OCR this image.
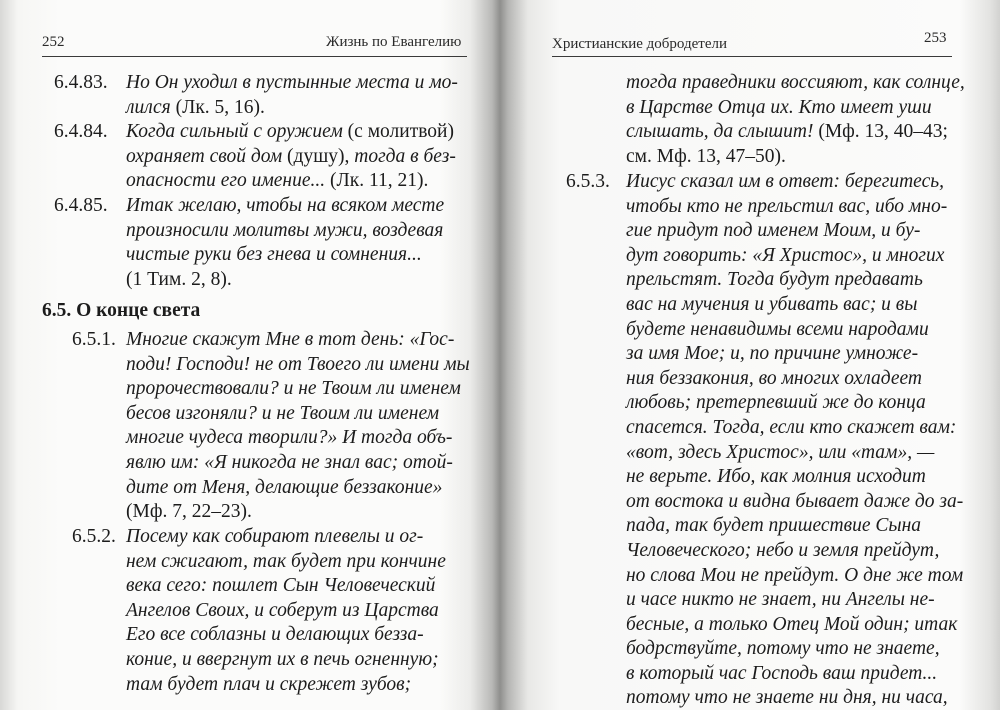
252	Жизнь по Евангелию
6.4.83. Но Он уходил в пустынные места и мо-
лился (Лк. 5, 16).
6.4.84. Когда сильный с оружием (с молитвой)
охраняет свой дом (душу), тогда в без-
опасности его имение... (Лк. 11, 21).
6.4.85. Итак желаю, чтобы на всяком месте
произносили молитвы мужи, воздевая
чистые руки без гнева и сомнения...
(1 Тим. 2, 8).
6.5. О конце света
6.5.1. Многие скажут Мне в тот день: «Гос-
поди! Господи! не от Твоего ли имени мы
пророчествовали? и не Твоим ли именем
бесов изгоняли? и не Твоим ли именем
многие чудеса творили?» И тогда объ-
явлю им: «Я никогда не знал вас; отой-
дите от Меня, делающие беззаконие»
(Мф. 7, 22–23).
6.5.2. Посему как собирают плевелы и ог-
нем сжигают, так будет при кончине
века сего: пошлет Сын Человеческий
Ангелов Своих, и соберут из Царства
Его все соблазны и делающих безза-
коние, и ввергнут их в печь огненную;
там будет плач и скрежет зубов;
Христианские добродетели	253
тогда праведники воссияют, как солнце,
в Царстве Отца их. Кто имеет уши
слышать, да слышит! (Мф. 13, 40–43;
см. Мф. 13, 47–50).
6.5.3. Иисус сказал им в ответ: берегитесь,
чтобы кто не прельстил вас, ибо мно-
гие придут под именем Моим, и бу-
дут говорить: «Я Христос», и многих
прельстят. Тогда будут предавать
вас на мучения и убивать вас; и вы
будете ненавидимы всеми народами
за имя Мое; и, по причине умноже-
ния беззакония, во многих охладеет
любовь; претерпевший же до конца
спасется. Тогда, если кто скажет вам:
«вот, здесь Христос», или «там», —
не верьте. Ибо, как молния исходит
от востока и видна бывает даже до за-
пада, так будет пришествие Сына
Человеческого; небо и земля прейдут,
но слова Мои не прейдут. О дне же том
и часе никто не знает, ни Ангелы не-
бесные, а только Отец Мой один; итак
бодрствуйте, потому что не знаете,
в который час Господь ваш придет...
потому что не знаете ни дня, ни часа,
